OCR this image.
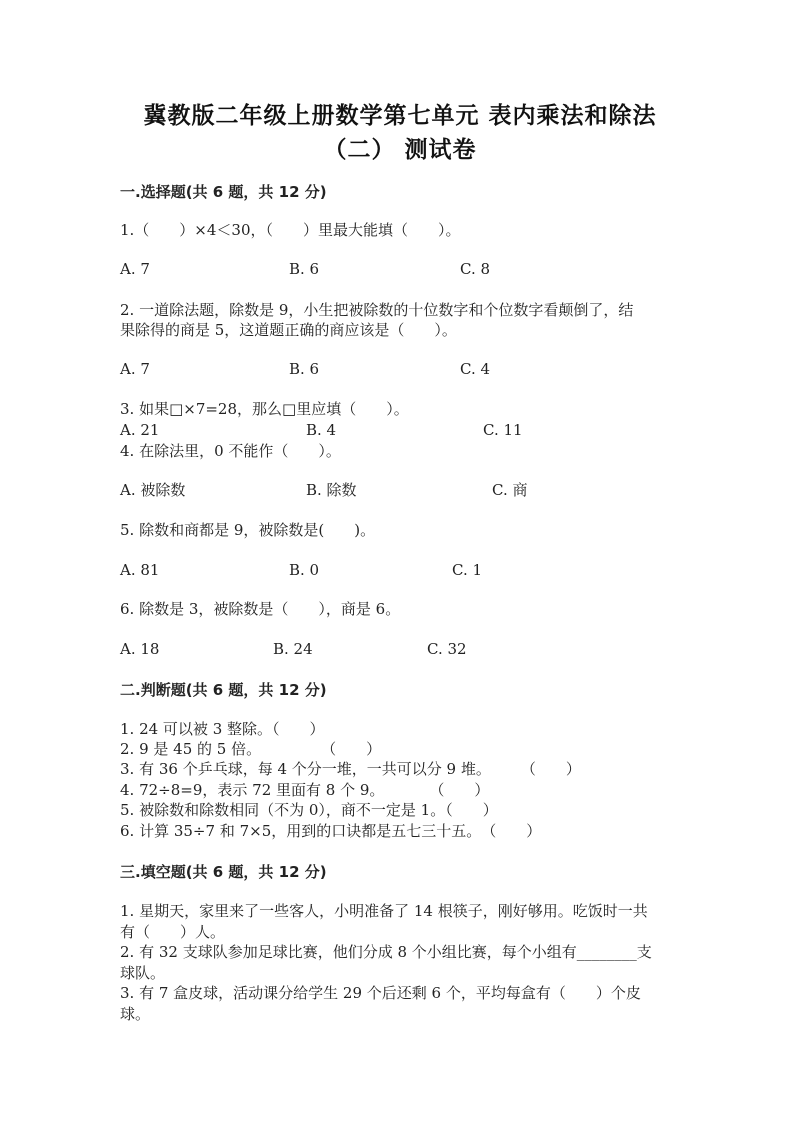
冀教版二年级上册数学第七单元 表内乘法和除法
（二） 测试卷
一.选择题(共 6 题，共 12 分)
1.（　　）×4＜30，（　　）里最大能填（　　）。
A. 7	B. 6	C. 8
2. 一道除法题，除数是 9，小生把被除数的十位数字和个位数字看颠倒了，结
果除得的商是 5，这道题正确的商应该是（　　）。
A. 7	B. 6	C. 4
3. 如果□×7=28，那么□里应填（　　）。
A. 21	B. 4	C. 11
4. 在除法里，0 不能作（　　）。
A. 被除数	B. 除数	C. 商
5. 除数和商都是 9，被除数是(　　)。
A. 81	B. 0	C. 1
6. 除数是 3，被除数是（　　），商是 6。
A. 18	B. 24	C. 32
二.判断题(共 6 题，共 12 分)
1. 24 可以被 3 整除。（　　）
2. 9 是 45 的 5 倍。　　　　　（　　）
3. 有 36 个乒乓球，每 4 个分一堆，一共可以分 9 堆。　　　（　　）
4. 72÷8=9，表示 72 里面有 8 个 9。　　　　（　　）
5. 被除数和除数相同（不为 0），商不一定是 1。（　　）
6. 计算 35÷7 和 7×5，用到的口诀都是五七三十五。　（　　）
三.填空题(共 6 题，共 12 分)
1. 星期天，家里来了一些客人，小明准备了 14 根筷子，刚好够用。吃饭时一共
有（　　）人。
2. 有 32 支球队参加足球比赛，他们分成 8 个小组比赛，每个小组有________支
球队。
3. 有 7 盒皮球，活动课分给学生 29 个后还剩 6 个，平均每盒有（　　）个皮
球。
